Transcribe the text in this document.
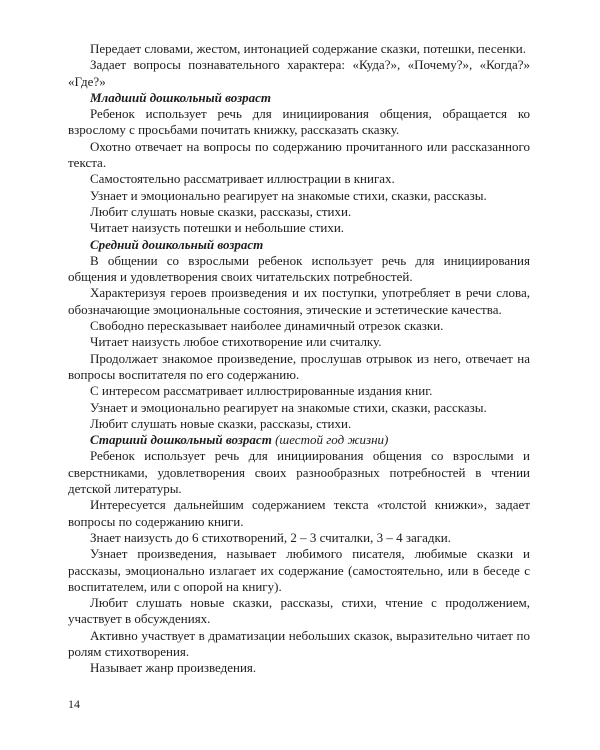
Передает словами, жестом, интонацией содержание сказки, потешки, песенки.

Задает вопросы познавательного характера: «Куда?», «Почему?», «Когда?» «Где?»

Младший дошкольный возраст

Ребенок использует речь для инициирования общения, обращается ко взрослому с просьбами почитать книжку, рассказать сказку.

Охотно отвечает на вопросы по содержанию прочитанного или рассказанного текста.

Самостоятельно рассматривает иллюстрации в книгах.

Узнает и эмоционально реагирует на знакомые стихи, сказки, рассказы.

Любит слушать новые сказки, рассказы, стихи.

Читает наизусть потешки и небольшие стихи.

Средний дошкольный возраст

В общении со взрослыми ребенок использует речь для инициирования общения и удовлетворения своих читательских потребностей.

Характеризуя героев произведения и их поступки, употребляет в речи слова, обозначающие эмоциональные состояния, этические и эстетические качества.

Свободно пересказывает наиболее динамичный отрезок сказки.

Читает наизусть любое стихотворение или считалку.

Продолжает знакомое произведение, прослушав отрывок из него, отвечает на вопросы воспитателя по его содержанию.

С интересом рассматривает иллюстрированные издания книг.

Узнает и эмоционально реагирует на знакомые стихи, сказки, рассказы.

Любит слушать новые сказки, рассказы, стихи.

Старший дошкольный возраст (шестой год жизни)

Ребенок использует речь для инициирования общения со взрослыми и сверстниками, удовлетворения своих разнообразных потребностей в чтении детской литературы.

Интересуется дальнейшим содержанием текста «толстой книжки», задает вопросы по содержанию книги.

Знает наизусть до 6 стихотворений, 2 – 3 считалки, 3 – 4 загадки.

Узнает произведения, называет любимого писателя, любимые сказки и рассказы, эмоционально излагает их содержание (самостоятельно, или в беседе с воспитателем, или с опорой на книгу).

Любит слушать новые сказки, рассказы, стихи, чтение с продолжением, участвует в обсуждениях.

Активно участвует в драматизации небольших сказок, выразительно читает по ролям стихотворения.

Называет жанр произведения.

14
